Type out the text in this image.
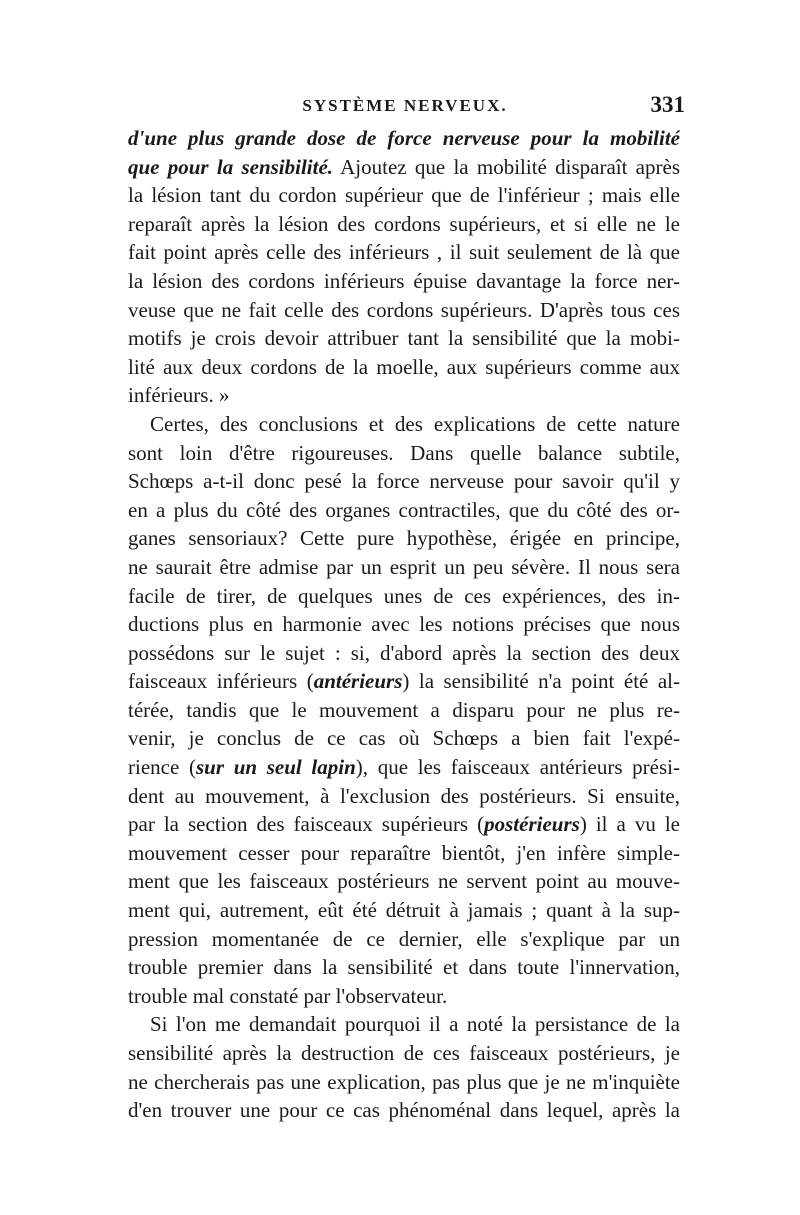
SYSTÈME NERVEUX.	331
d'une plus grande dose de force nerveuse pour la mobilité
que pour la sensibilité. Ajoutez que la mobilité disparaît après
la lésion tant du cordon supérieur que de l'inférieur ; mais elle
reparaît après la lésion des cordons supérieurs, et si elle ne le
fait point après celle des inférieurs , il suit seulement de là que
la lésion des cordons inférieurs épuise davantage la force ner-
veuse que ne fait celle des cordons supérieurs. D'après tous ces
motifs je crois devoir attribuer tant la sensibilité que la mobi-
lité aux deux cordons de la moelle, aux supérieurs comme aux
inférieurs. »
Certes, des conclusions et des explications de cette nature
sont loin d'être rigoureuses. Dans quelle balance subtile,
Schœps a-t-il donc pesé la force nerveuse pour savoir qu'il y
en a plus du côté des organes contractiles, que du côté des or-
ganes sensoriaux? Cette pure hypothèse, érigée en principe,
ne saurait être admise par un esprit un peu sévère. Il nous sera
facile de tirer, de quelques unes de ces expériences, des in-
ductions plus en harmonie avec les notions précises que nous
possédons sur le sujet : si, d'abord après la section des deux
faisceaux inférieurs (antérieurs) la sensibilité n'a point été al-
térée, tandis que le mouvement a disparu pour ne plus re-
venir, je conclus de ce cas où Schœps a bien fait l'expé-
rience (sur un seul lapin), que les faisceaux antérieurs prési-
dent au mouvement, à l'exclusion des postérieurs. Si ensuite,
par la section des faisceaux supérieurs (postérieurs) il a vu le
mouvement cesser pour reparaître bientôt, j'en infère simple-
ment que les faisceaux postérieurs ne servent point au mouve-
ment qui, autrement, eût été détruit à jamais ; quant à la sup-
pression momentanée de ce dernier, elle s'explique par un
trouble premier dans la sensibilité et dans toute l'innervation,
trouble mal constaté par l'observateur.
Si l'on me demandait pourquoi il a noté la persistance de la
sensibilité après la destruction de ces faisceaux postérieurs, je
ne chercherais pas une explication, pas plus que je ne m'inquiète
d'en trouver une pour ce cas phénoménal dans lequel, après la
